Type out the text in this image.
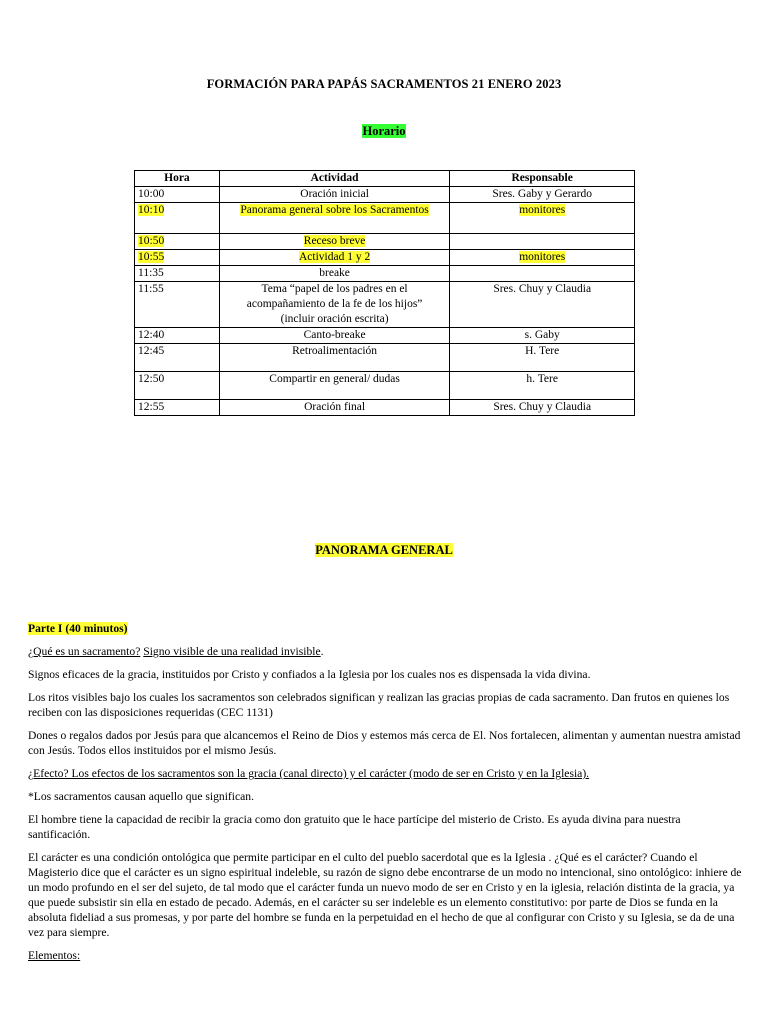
FORMACIÓN PARA PAPÁS SACRAMENTOS 21 ENERO 2023
Horario
Hora	Actividad	Responsable
10:00	Oración inicial	Sres. Gaby y Gerardo
10:10	Panorama general sobre los Sacramentos	monitores
10:50	Receso breve	
10:55	Actividad 1 y 2	monitores
11:35	breake	
11:55	Tema “papel de los padres en el acompañamiento de la fe de los hijos” (incluir oración escrita)	Sres. Chuy y Claudia
12:40	Canto-breake	s. Gaby
12:45	Retroalimentación	H. Tere
12:50	Compartir en general/ dudas	h. Tere
12:55	Oración final	Sres. Chuy y Claudia
PANORAMA GENERAL

Parte I (40 minutos)

¿Qué es un sacramento? Signo visible de una realidad invisible.

Signos eficaces de la gracia, instituidos por Cristo y confiados a la Iglesia por los cuales nos es dispensada la vida divina.

Los ritos visibles bajo los cuales los sacramentos son celebrados significan y realizan las gracias propias de cada sacramento. Dan frutos en quienes los reciben con las disposiciones requeridas (CEC 1131)

Dones o regalos dados por Jesús para que alcancemos el Reino de Dios y estemos más cerca de El. Nos fortalecen, alimentan y aumentan nuestra amistad con Jesús. Todos ellos instituidos por el mismo Jesús.

¿Efecto? Los efectos de los sacramentos son la gracia (canal directo) y el carácter (modo de ser en Cristo y en la Iglesia).

*Los sacramentos causan aquello que significan.

El hombre tiene la capacidad de recibir la gracia como don gratuito que le hace partícipe del misterio de Cristo. Es ayuda divina para nuestra santificación.

El carácter es una condición ontológica que permite participar en el culto del pueblo sacerdotal que es la Iglesia . ¿Qué es el carácter? Cuando el Magisterio dice que el carácter es un signo espiritual indeleble, su razón de signo debe encontrarse de un modo no intencional, sino ontológico: inhiere de un modo profundo en el ser del sujeto, de tal modo que el carácter funda un nuevo modo de ser en Cristo y en la iglesia, relación distinta de la gracia, ya que puede subsistir sin ella en estado de pecado. Además, en el carácter su ser indeleble es un elemento constitutivo: por parte de Dios se funda en la absoluta fideliad a sus promesas, y por parte del hombre se funda en la perpetuidad en el hecho de que al configurar con Cristo y su Iglesia, se da de una vez para siempre.

Elementos:
